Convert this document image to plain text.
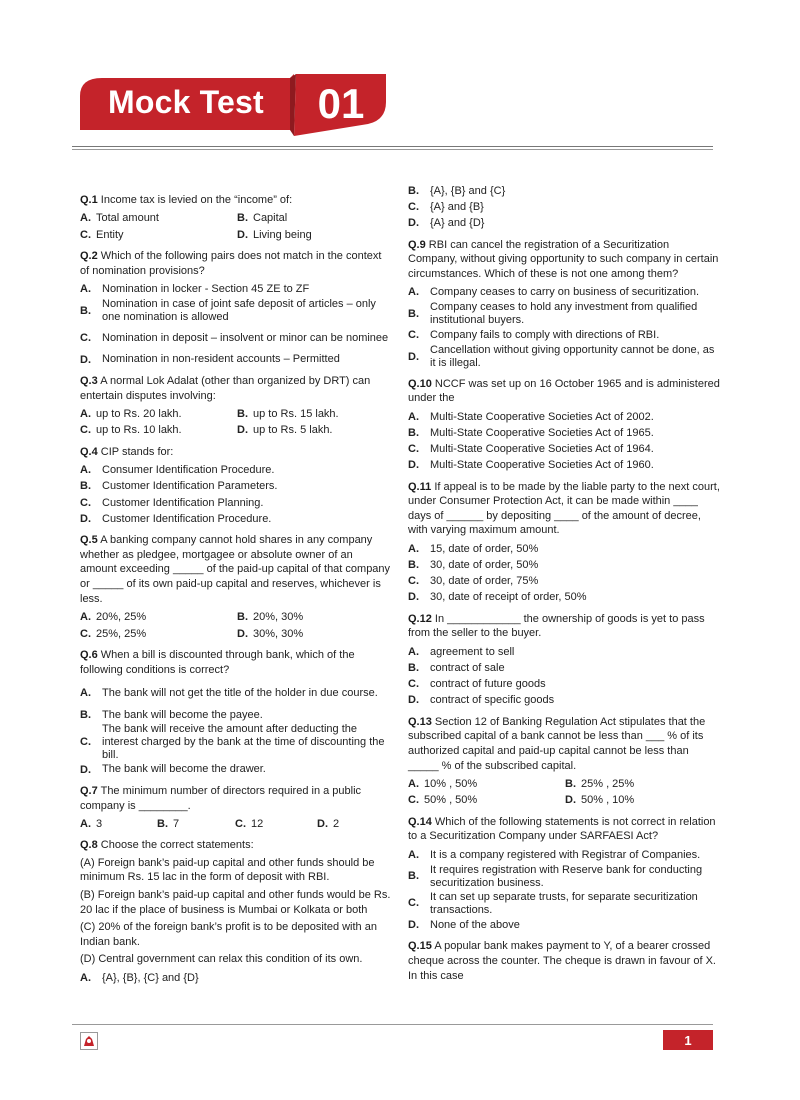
Mock Test	01
Q.1 Income tax is levied on the “income” of:
A. Total amount	B. Capital
C. Entity	D. Living being
Q.2 Which of the following pairs does not match in the context of nomination provisions?
A.	Nomination in locker - Section 45 ZE to ZF
B.
Nomination in case of joint safe deposit of articles – only one nomination is allowed
C.	Nomination in deposit – insolvent or minor can be nominee
D.	Nomination in non-resident accounts – Permitted
Q.3 A normal Lok Adalat (other than organized by DRT) can entertain disputes involving:
A. up to Rs. 20 lakh.	B. up to Rs. 15 lakh.
C. up to Rs. 10 lakh.	D. up to Rs. 5 lakh.
Q.4 CIP stands for:
A.	Consumer Identification Procedure.
B.	Customer Identification Parameters.
C.	Customer Identification Planning.
D.	Customer Identification Procedure.
Q.5 A banking company cannot hold shares in any company whether as pledgee, mortgagee or absolute owner of an amount exceeding _____ of the paid-up capital of that company or _____ of its own paid-up capital and reserves, whichever is less.
A. 20%, 25%	B. 20%, 30%
C. 25%, 25%	D. 30%, 30%
Q.6 When a bill is discounted through bank, which of the following conditions is correct?
A.	The bank will not get the title of the holder in due course.
B.	The bank will become the payee.
C.
The bank will receive the amount after deducting the interest charged by the bank at the time of discounting the bill.
D.	The bank will become the drawer.
Q.7 The minimum number of directors required in a public company is ________.
A. 3	B. 7	C. 12	D. 2
Q.8 Choose the correct statements:
(A) Foreign bank’s paid-up capital and other funds should be minimum Rs. 15 lac in the form of deposit with RBI.
(B) Foreign bank’s paid-up capital and other funds would be Rs. 20 lac if the place of business is Mumbai or Kolkata or both
(C) 20% of the foreign bank’s profit is to be deposited with an Indian bank.
(D) Central government can relax this condition of its own.
A.	{A}, {B}, {C} and {D}
B.	{A}, {B} and {C}
C.	{A} and {B}
D.	{A} and {D}
Q.9 RBI can cancel the registration of a Securitization Company, without giving opportunity to such company in certain circumstances. Which of these is not one among them?
A.	Company ceases to carry on business of securitization.
B.
Company ceases to hold any investment from qualified institutional buyers.
C.	Company fails to comply with directions of RBI.
D.
Cancellation without giving opportunity cannot be done, as it is illegal.
Q.10 NCCF was set up on 16 October 1965 and is administered under the
A.	Multi-State Cooperative Societies Act of 2002.
B.	Multi-State Cooperative Societies Act of 1965.
C.	Multi-State Cooperative Societies Act of 1964.
D.	Multi-State Cooperative Societies Act of 1960.
Q.11 If appeal is to be made by the liable party to the next court, under Consumer Protection Act, it can be made within ____ days of ______ by depositing ____ of the amount of decree, with varying maximum amount.
A.	15, date of order, 50%
B.	30, date of order, 50%
C.	30, date of order, 75%
D.	30, date of receipt of order, 50%
Q.12 In ____________ the ownership of goods is yet to pass from the seller to the buyer.
A.	agreement to sell
B.	contract of sale
C.	contract of future goods
D.	contract of specific goods
Q.13 Section 12 of Banking Regulation Act stipulates that the subscribed capital of a bank cannot be less than ___ % of its authorized capital and paid-up capital cannot be less than _____ % of the subscribed capital.
A. 10% , 50%	B. 25% , 25%
C. 50% , 50%	D. 50% , 10%
Q.14 Which of the following statements is not correct in relation to a Securitization Company under SARFAESI Act?
A.	It is a company registered with Registrar of Companies.
B.
It requires registration with Reserve bank for conducting securitization business.
C.
It can set up separate trusts, for separate securitization transactions.
D.	None of the above
Q.15 A popular bank makes payment to Y, of a bearer crossed cheque across the counter. The cheque is drawn in favour of X. In this case
1
